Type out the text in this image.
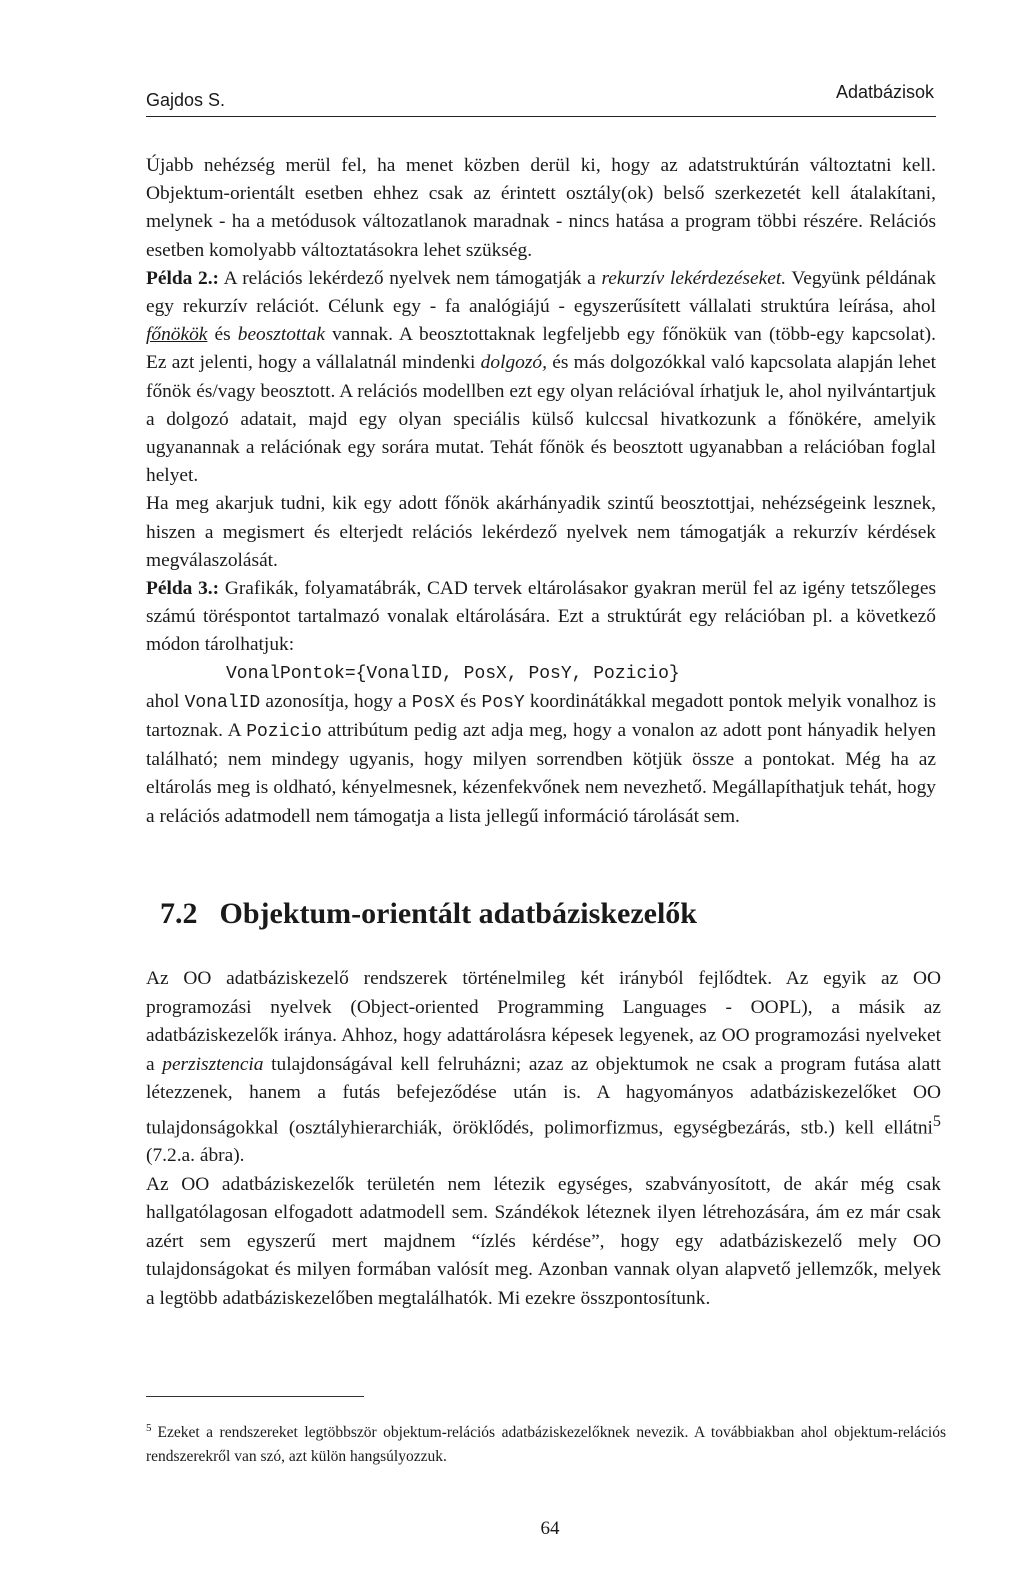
Gajdos S.	Adatbázisok

Újabb nehézség merül fel, ha menet közben derül ki, hogy az adatstruktúrán változtatni kell. Objektum-orientált esetben ehhez csak az érintett osztály(ok) belső szerkezetét kell átalakítani, melynek - ha a metódusok változatlanok maradnak - nincs hatása a program többi részére. Relációs esetben komolyabb változtatásokra lehet szükség.

Példa 2.: A relációs lekérdező nyelvek nem támogatják a rekurzív lekérdezéseket. Vegyünk példának egy rekurzív relációt. Célunk egy - fa analógiájú - egyszerűsített vállalati struktúra leírása, ahol főnökök és beosztottak vannak. A beosztottaknak legfeljebb egy főnökük van (több-egy kapcsolat). Ez azt jelenti, hogy a vállalatnál mindenki dolgozó, és más dolgozókkal való kapcsolata alapján lehet főnök és/vagy beosztott. A relációs modellben ezt egy olyan relációval írhatjuk le, ahol nyilvántartjuk a dolgozó adatait, majd egy olyan speciális külső kulccsal hivatkozunk a főnökére, amelyik ugyanannak a relációnak egy sorára mutat. Tehát főnök és beosztott ugyanabban a relációban foglal helyet.

Ha meg akarjuk tudni, kik egy adott főnök akárhányadik szintű beosztottjai, nehézségeink lesznek, hiszen a megismert és elterjedt relációs lekérdező nyelvek nem támogatják a rekurzív kérdések megválaszolását.

Példa 3.: Grafikák, folyamatábrák, CAD tervek eltárolásakor gyakran merül fel az igény tetszőleges számú töréspontot tartalmazó vonalak eltárolására. Ezt a struktúrát egy relációban pl. a következő módon tárolhatjuk:

VonalPontok={VonalID, PosX, PosY, Pozicio}

ahol VonalID azonosítja, hogy a PosX és PosY koordinátákkal megadott pontok melyik vonalhoz is tartoznak. A Pozicio attribútum pedig azt adja meg, hogy a vonalon az adott pont hányadik helyen található; nem mindegy ugyanis, hogy milyen sorrendben kötjük össze a pontokat. Még ha az eltárolás meg is oldható, kényelmesnek, kézenfekvőnek nem nevezhető. Megállapíthatjuk tehát, hogy a relációs adatmodell nem támogatja a lista jellegű információ tárolását sem.

7.2 Objektum-orientált adatbáziskezelők

Az OO adatbáziskezelő rendszerek történelmileg két irányból fejlődtek. Az egyik az OO programozási nyelvek (Object-oriented Programming Languages - OOPL), a másik az adatbáziskezelők iránya. Ahhoz, hogy adattárolásra képesek legyenek, az OO programozási nyelveket a perzisztencia tulajdonságával kell felruházni; azaz az objektumok ne csak a program futása alatt létezzenek, hanem a futás befejeződése után is. A hagyományos adatbáziskezelőket OO tulajdonságokkal (osztályhierarchiák, öröklődés, polimorfizmus, egységbezárás, stb.) kell ellátni$^5$ (7.2.a. ábra).

Az OO adatbáziskezelők területén nem létezik egységes, szabványosított, de akár még csak hallgatólagosan elfogadott adatmodell sem. Szándékok léteznek ilyen létrehozására, ám ez már csak azért sem egyszerű mert majdnem “ízlés kérdése”, hogy egy adatbáziskezelő mely OO tulajdonságokat és milyen formában valósít meg. Azonban vannak olyan alapvető jellemzők, melyek a legtöbb adatbáziskezelőben megtalálhatók. Mi ezekre összpontosítunk.

$^5$ Ezeket a rendszereket legtöbbször objektum-relációs adatbáziskezelőknek nevezik. A továbbiakban ahol objektum-relációs rendszerekről van szó, azt külön hangsúlyozzuk.
64
